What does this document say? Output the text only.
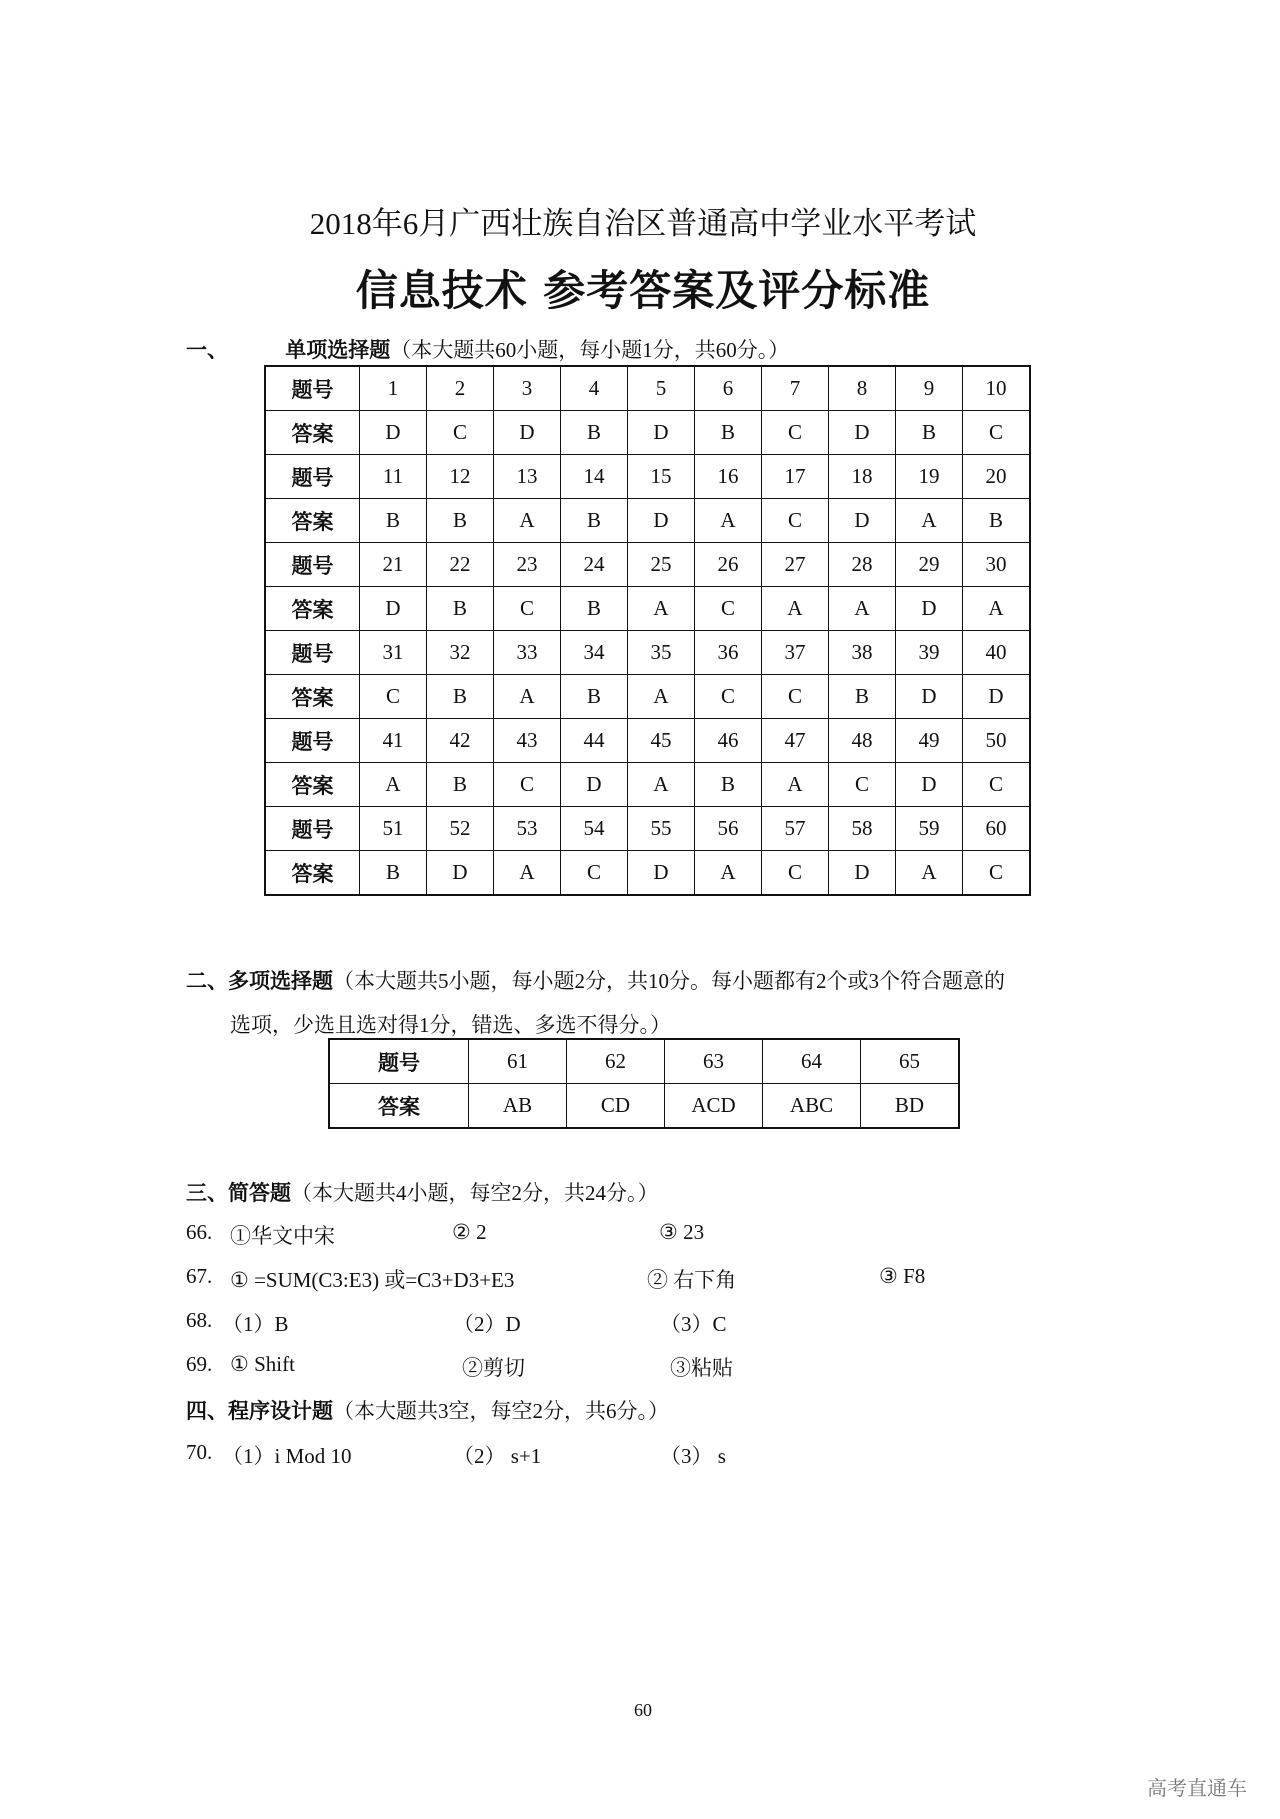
2018年6月广西壮族自治区普通高中学业水平考试
信息技术 参考答案及评分标准
一、	单项选择题（本大题共60小题，每小题1分，共60分。）
题号	1	2	3	4	5	6	7	8	9	10
答案	D	C	D	B	D	B	C	D	B	C
题号	11	12	13	14	15	16	17	18	19	20
答案	B	B	A	B	D	A	C	D	A	B
题号	21	22	23	24	25	26	27	28	29	30
答案	D	B	C	B	A	C	A	A	D	A
题号	31	32	33	34	35	36	37	38	39	40
答案	C	B	A	B	A	C	C	B	D	D
题号	41	42	43	44	45	46	47	48	49	50
答案	A	B	C	D	A	B	A	C	D	C
题号	51	52	53	54	55	56	57	58	59	60
答案	B	D	A	C	D	A	C	D	A	C
二、多项选择题（本大题共5小题，每小题2分，共10分。每小题都有2个或3个符合题意的
选项，少选且选对得1分，错选、多选不得分。）
题号	61	62	63	64	65
答案	AB	CD	ACD	ABC	BD
三、简答题（本大题共4小题，每空2分，共24分。）
66. ①华文中宋	② 2	③ 23
67. ① =SUM(C3:E3) 或=C3+D3+E3	② 右下角	③ F8
68. （1）B	（2）D	（3）C
69. ① Shift	②剪切	③粘贴
四、程序设计题（本大题共3空，每空2分，共6分。）
70. （1）i Mod 10	（2） s+1	（3） s
60
高考直通车
